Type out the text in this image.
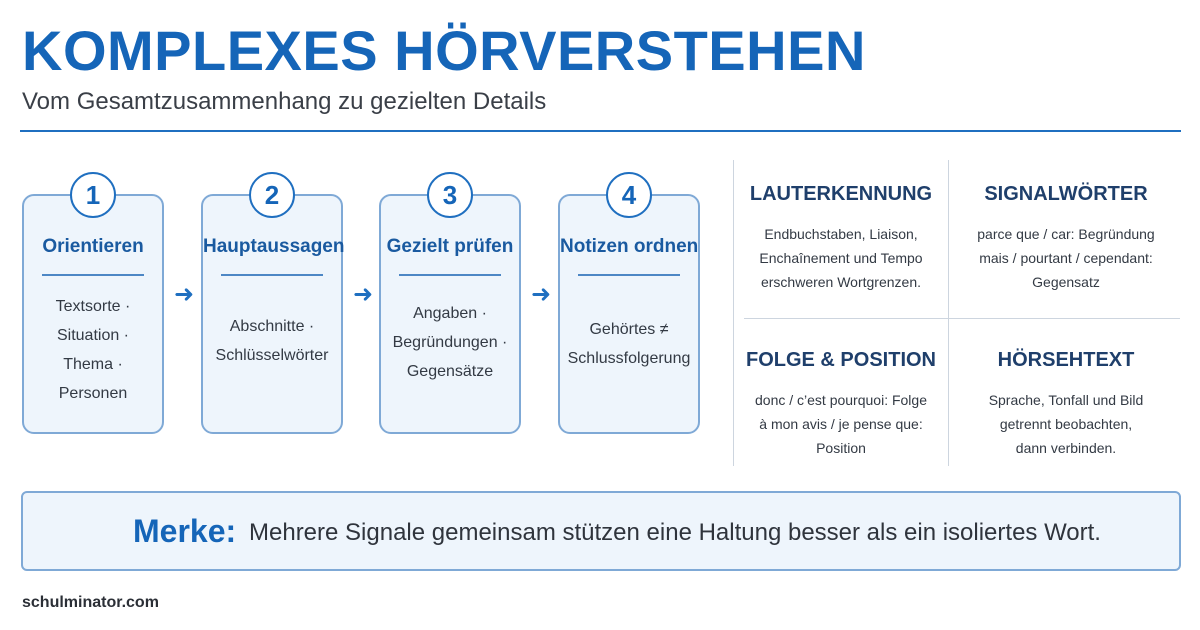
KOMPLEXES HÖRVERSTEHEN
Vom Gesamtzusammenhang zu gezielten Details
1
Orientieren
Textsorte ·
Situation ·
Thema ·
Personen
➜
2
Hauptaussagen
Abschnitte ·
Schlüsselwörter
➜
3
Gezielt prüfen
Angaben ·
Begründungen ·
Gegensätze
➜
4
Notizen ordnen
Gehörtes ≠
Schlussfolgerung
LAUTERKENNUNG
Endbuchstaben, Liaison,
Enchaînement und Tempo
erschweren Wortgrenzen.
SIGNALWÖRTER
parce que / car: Begründung
mais / pourtant / cependant: Gegensatz
FOLGE & POSITION
donc / c’est pourquoi: Folge
à mon avis / je pense que: Position
HÖRSEHTEXT
Sprache, Tonfall und Bild
getrennt beobachten,
dann verbinden.
Merke: Mehrere Signale gemeinsam stützen eine Haltung besser als ein isoliertes Wort.
schulminator.com
